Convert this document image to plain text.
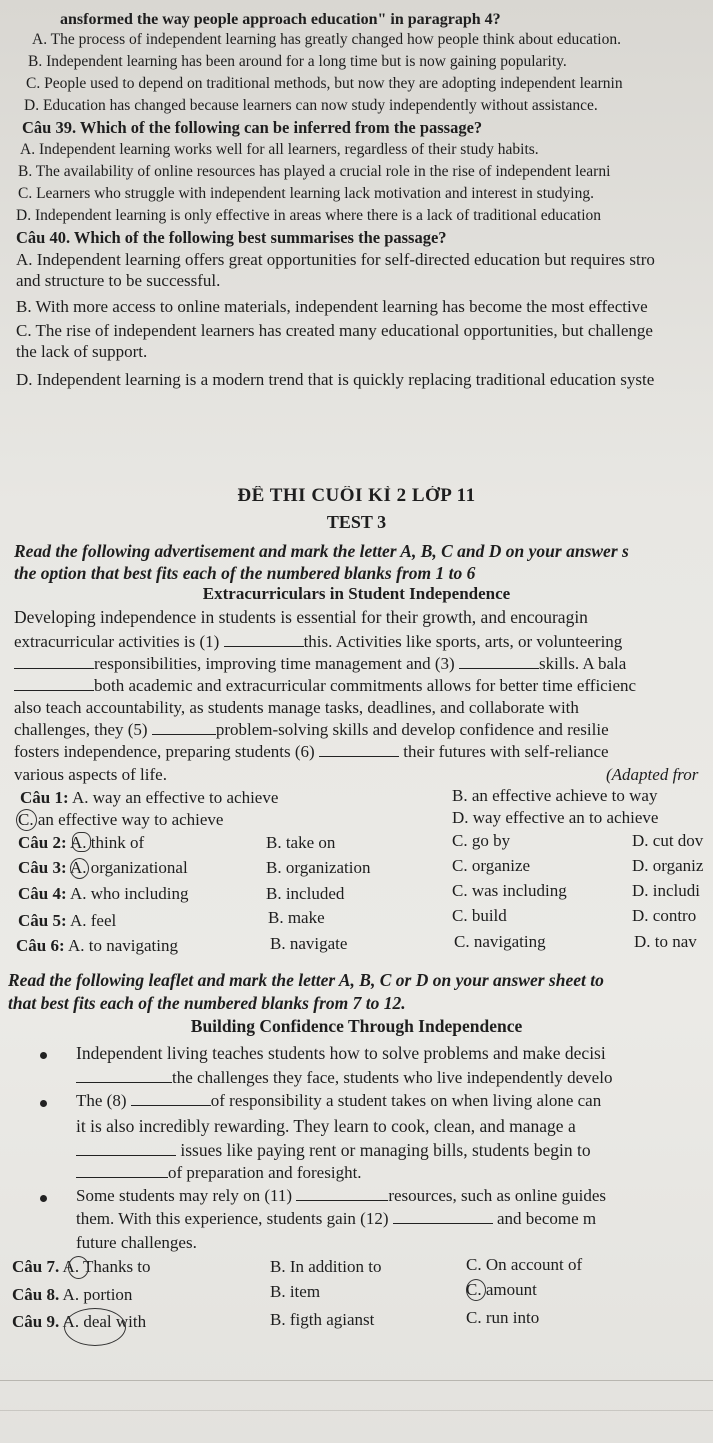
ansformed the way people approach education" in paragraph 4?
A. The process of independent learning has greatly changed how people think about education.
B. Independent learning has been around for a long time but is now gaining popularity.
C. People used to depend on traditional methods, but now they are adopting independent learnin
D. Education has changed because learners can now study independently without assistance.
Câu 39. Which of the following can be inferred from the passage?
A. Independent learning works well for all learners, regardless of their study habits.
B. The availability of online resources has played a crucial role in the rise of independent learni
C. Learners who struggle with independent learning lack motivation and interest in studying.
D. Independent learning is only effective in areas where there is a lack of traditional education
Câu 40. Which of the following best summarises the passage?
A. Independent learning offers great opportunities for self-directed education but requires stro
and structure to be successful.
B. With more access to online materials, independent learning has become the most effective
C. The rise of independent learners has created many educational opportunities, but challenge
the lack of support.
D. Independent learning is a modern trend that is quickly replacing traditional education syste
ĐỀ THI CUỐI KÌ 2 LỚP 11
TEST 3
Read the following advertisement and mark the letter A, B, C and D on your answer s
the option that best fits each of the numbered blanks from 1 to 6
Extracurriculars in Student Independence
Developing independence in students is essential for their growth, and encouragin
extracurricular activities is (1)	this. Activities like sports, arts, or volunteering
responsibilities, improving time management and (3)	skills. A bala
both academic and extracurricular commitments allows for better time efficienc
also teach accountability, as students manage tasks, deadlines, and collaborate with
challenges, they (5)	problem-solving skills and develop confidence and resilie
fosters independence, preparing students (6)	their futures with self-reliance
various aspects of life.	(Adapted fror
Câu 1: A. way an effective to achieve	B. an effective achieve to way
C. an effective way to achieve	D. way effective an to achieve
Câu 2: A. think of	B. take on	C. go by	D. cut dov
Câu 3: A. organizational	B. organization	C. organize	D. organiz
Câu 4: A. who including	B. included	C. was including	D. includi
Câu 5: A. feel	B. make	C. build	D. contro
Câu 6: A. to navigating	B. navigate	C. navigating	D. to nav
Read the following leaflet and mark the letter A, B, C or D on your answer sheet to
that best fits each of the numbered blanks from 7 to 12.
Building Confidence Through Independence
Independent living teaches students how to solve problems and make decisi
the challenges they face, students who live independently develo
The (8)	of responsibility a student takes on when living alone can
it is also incredibly rewarding. They learn to cook, clean, and manage a
issues like paying rent or managing bills, students begin to
of preparation and foresight.
Some students may rely on (11)	resources, such as online guides
them. With this experience, students gain (12)	and become m
future challenges.
Câu 7. A. Thanks to	B. In addition to	C. On account of
Câu 8. A. portion	B. item	C. amount
Câu 9. A. deal with	B. figth agianst	C. run into
